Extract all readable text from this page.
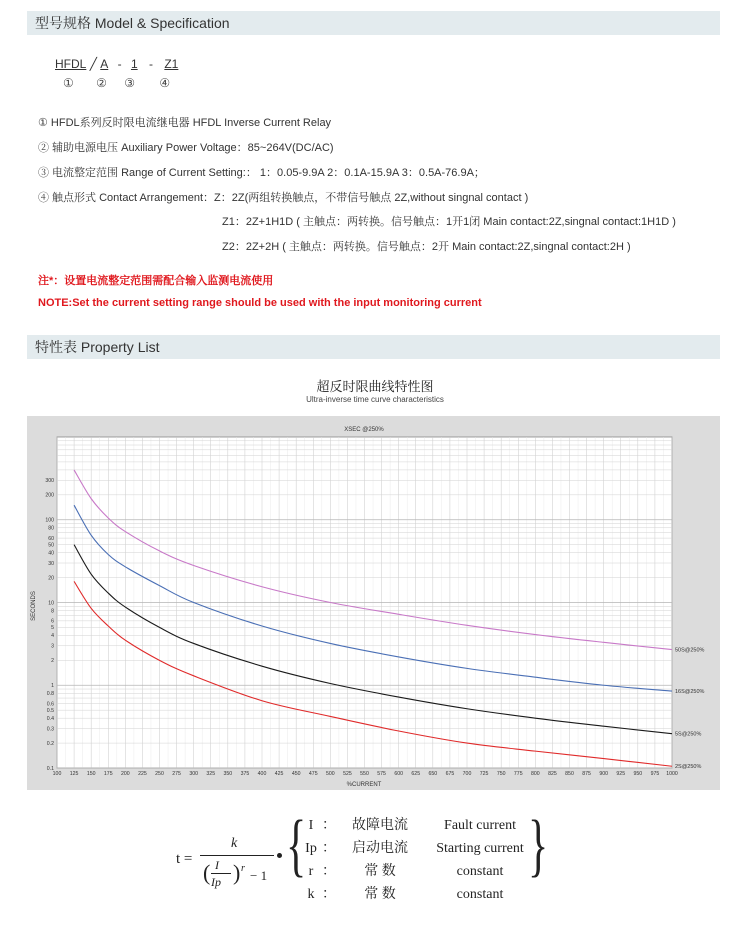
型号规格 Model & Specification
HFDL ╱ A - 1 - Z1
① ② ③ ④
① HFDL系列反时限电流继电器 HFDL Inverse Current Relay
② 辅助电源电压 Auxiliary Power Voltage：85~264V(DC/AC)
③ 电流整定范围 Range of Current Setting:： 1：0.05-9.9A 2：0.1A-15.9A 3：0.5A-76.9A；
④ 触点形式 Contact Arrangement：Z：2Z(两组转换触点，不带信号触点 2Z,without singnal contact )
Z1：2Z+1H1D ( 主触点：两转换。信号触点：1开1闭 Main contact:2Z,singnal contact:1H1D )
Z2：2Z+2H ( 主触点：两转换。信号触点：2开 Main contact:2Z,singnal contact:2H )
注*：设置电流整定范围需配合输入监测电流使用
NOTE:Set the current setting range should be used with the input monitoring current
特性表 Property List
超反时限曲线特性图
Ultra-inverse time curve characteristics
100 125 150 175 200 225 250 275 300 325 350 375 400 425 450 475 500 525 550 575 600 625 650 675 700 725 750 775 800 825 850 875 900 925 950 975 1000
0.1
0.2
0.3
0.4
0.5
0.6
0.8
1
2
3
4
5
6
8
10
20
30
40
50
60
80
100
200
300
50S@250%
16S@250%
5S@250%
2S@250%
XSEC @250%
%CURRENT
SECONDS
t =
k
( I
Ip ) r − 1 {	}
I ： 故障电流	Fault current
Ip ： 启动电流 Starting current
r ： 常 数	constant
k ： 常 数	constant
